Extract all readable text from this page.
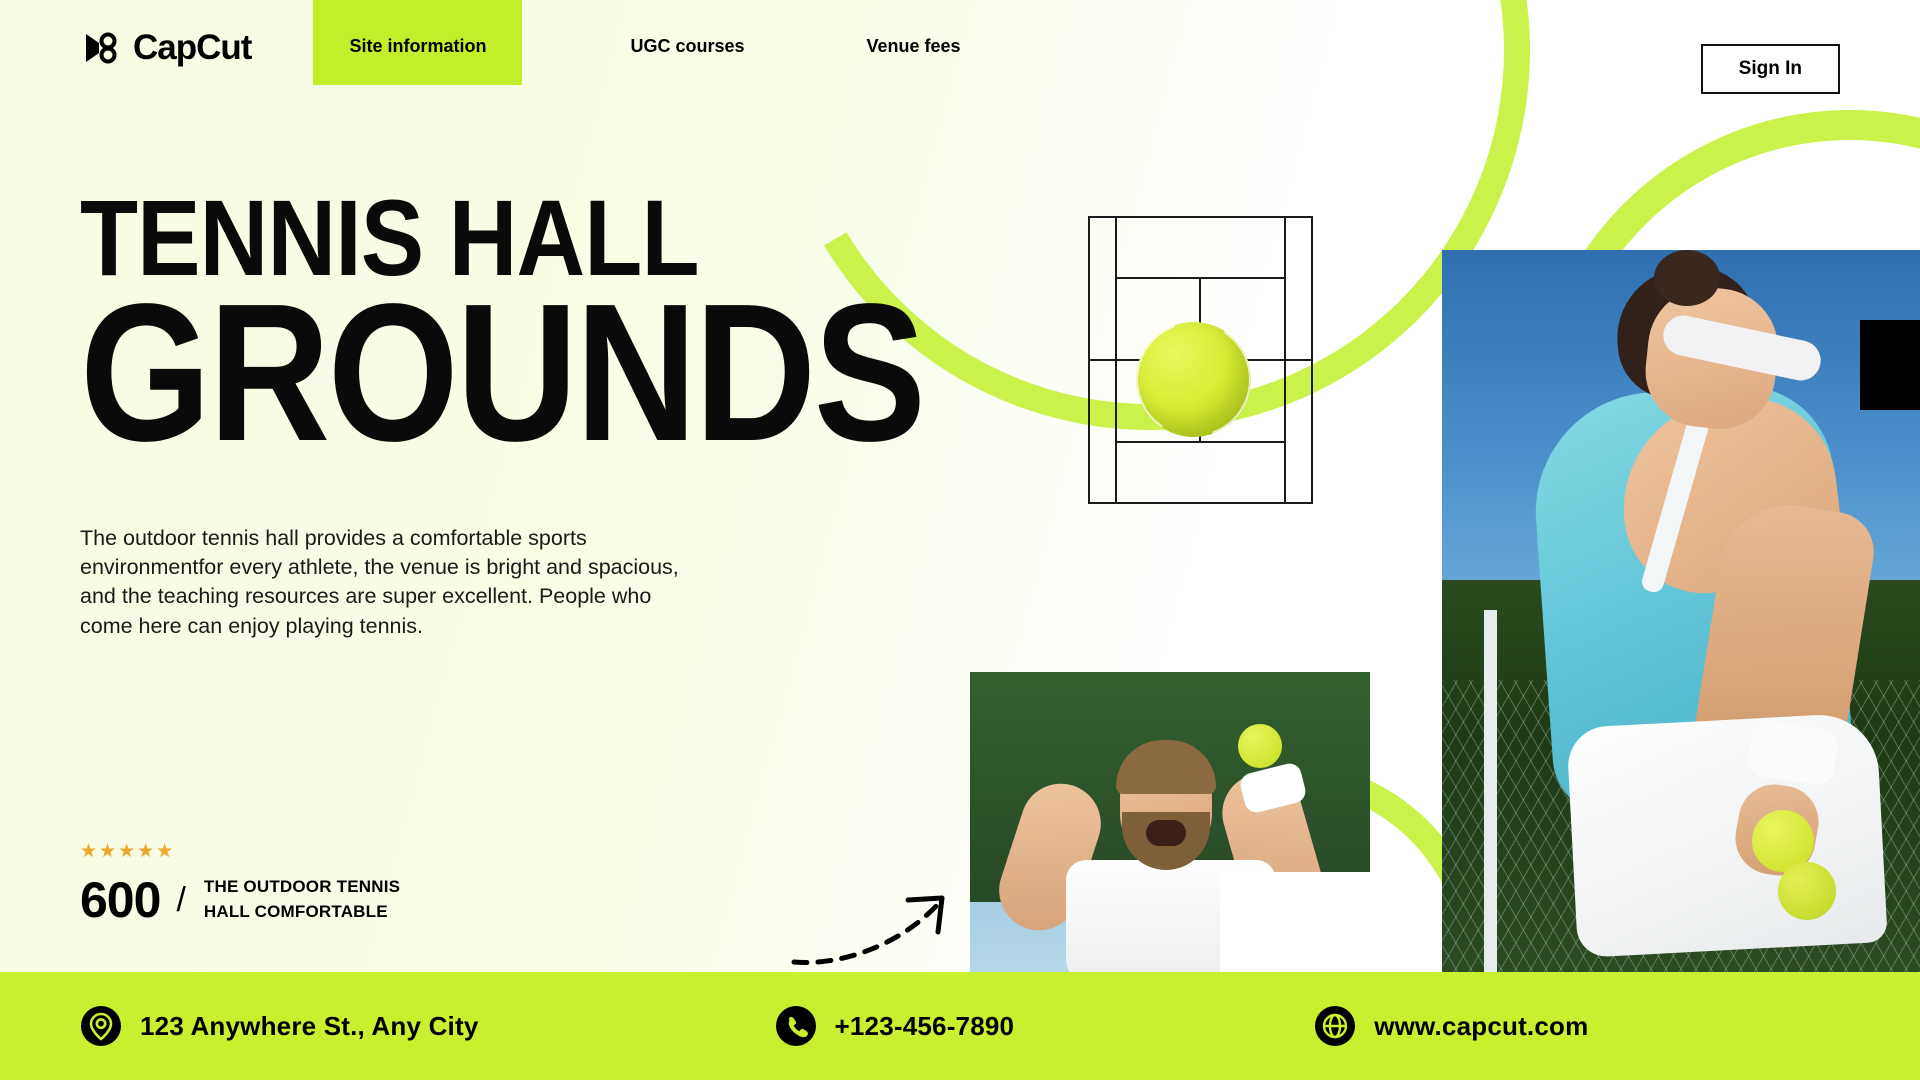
CapCut	Site information	UGC courses	Venue fees
Sign In
TENNIS HALL
GROUNDS

The outdoor tennis hall provides a comfortable sports environmentfor every athlete, the venue is bright and spacious, and the teaching resources are super excellent. People who come here can enjoy playing tennis.

★★★★★
600 / THE OUTDOOR TENNIS
HALL COMFORTABLE
123 Anywhere St., Any City	+123-456-7890	www.capcut.com
